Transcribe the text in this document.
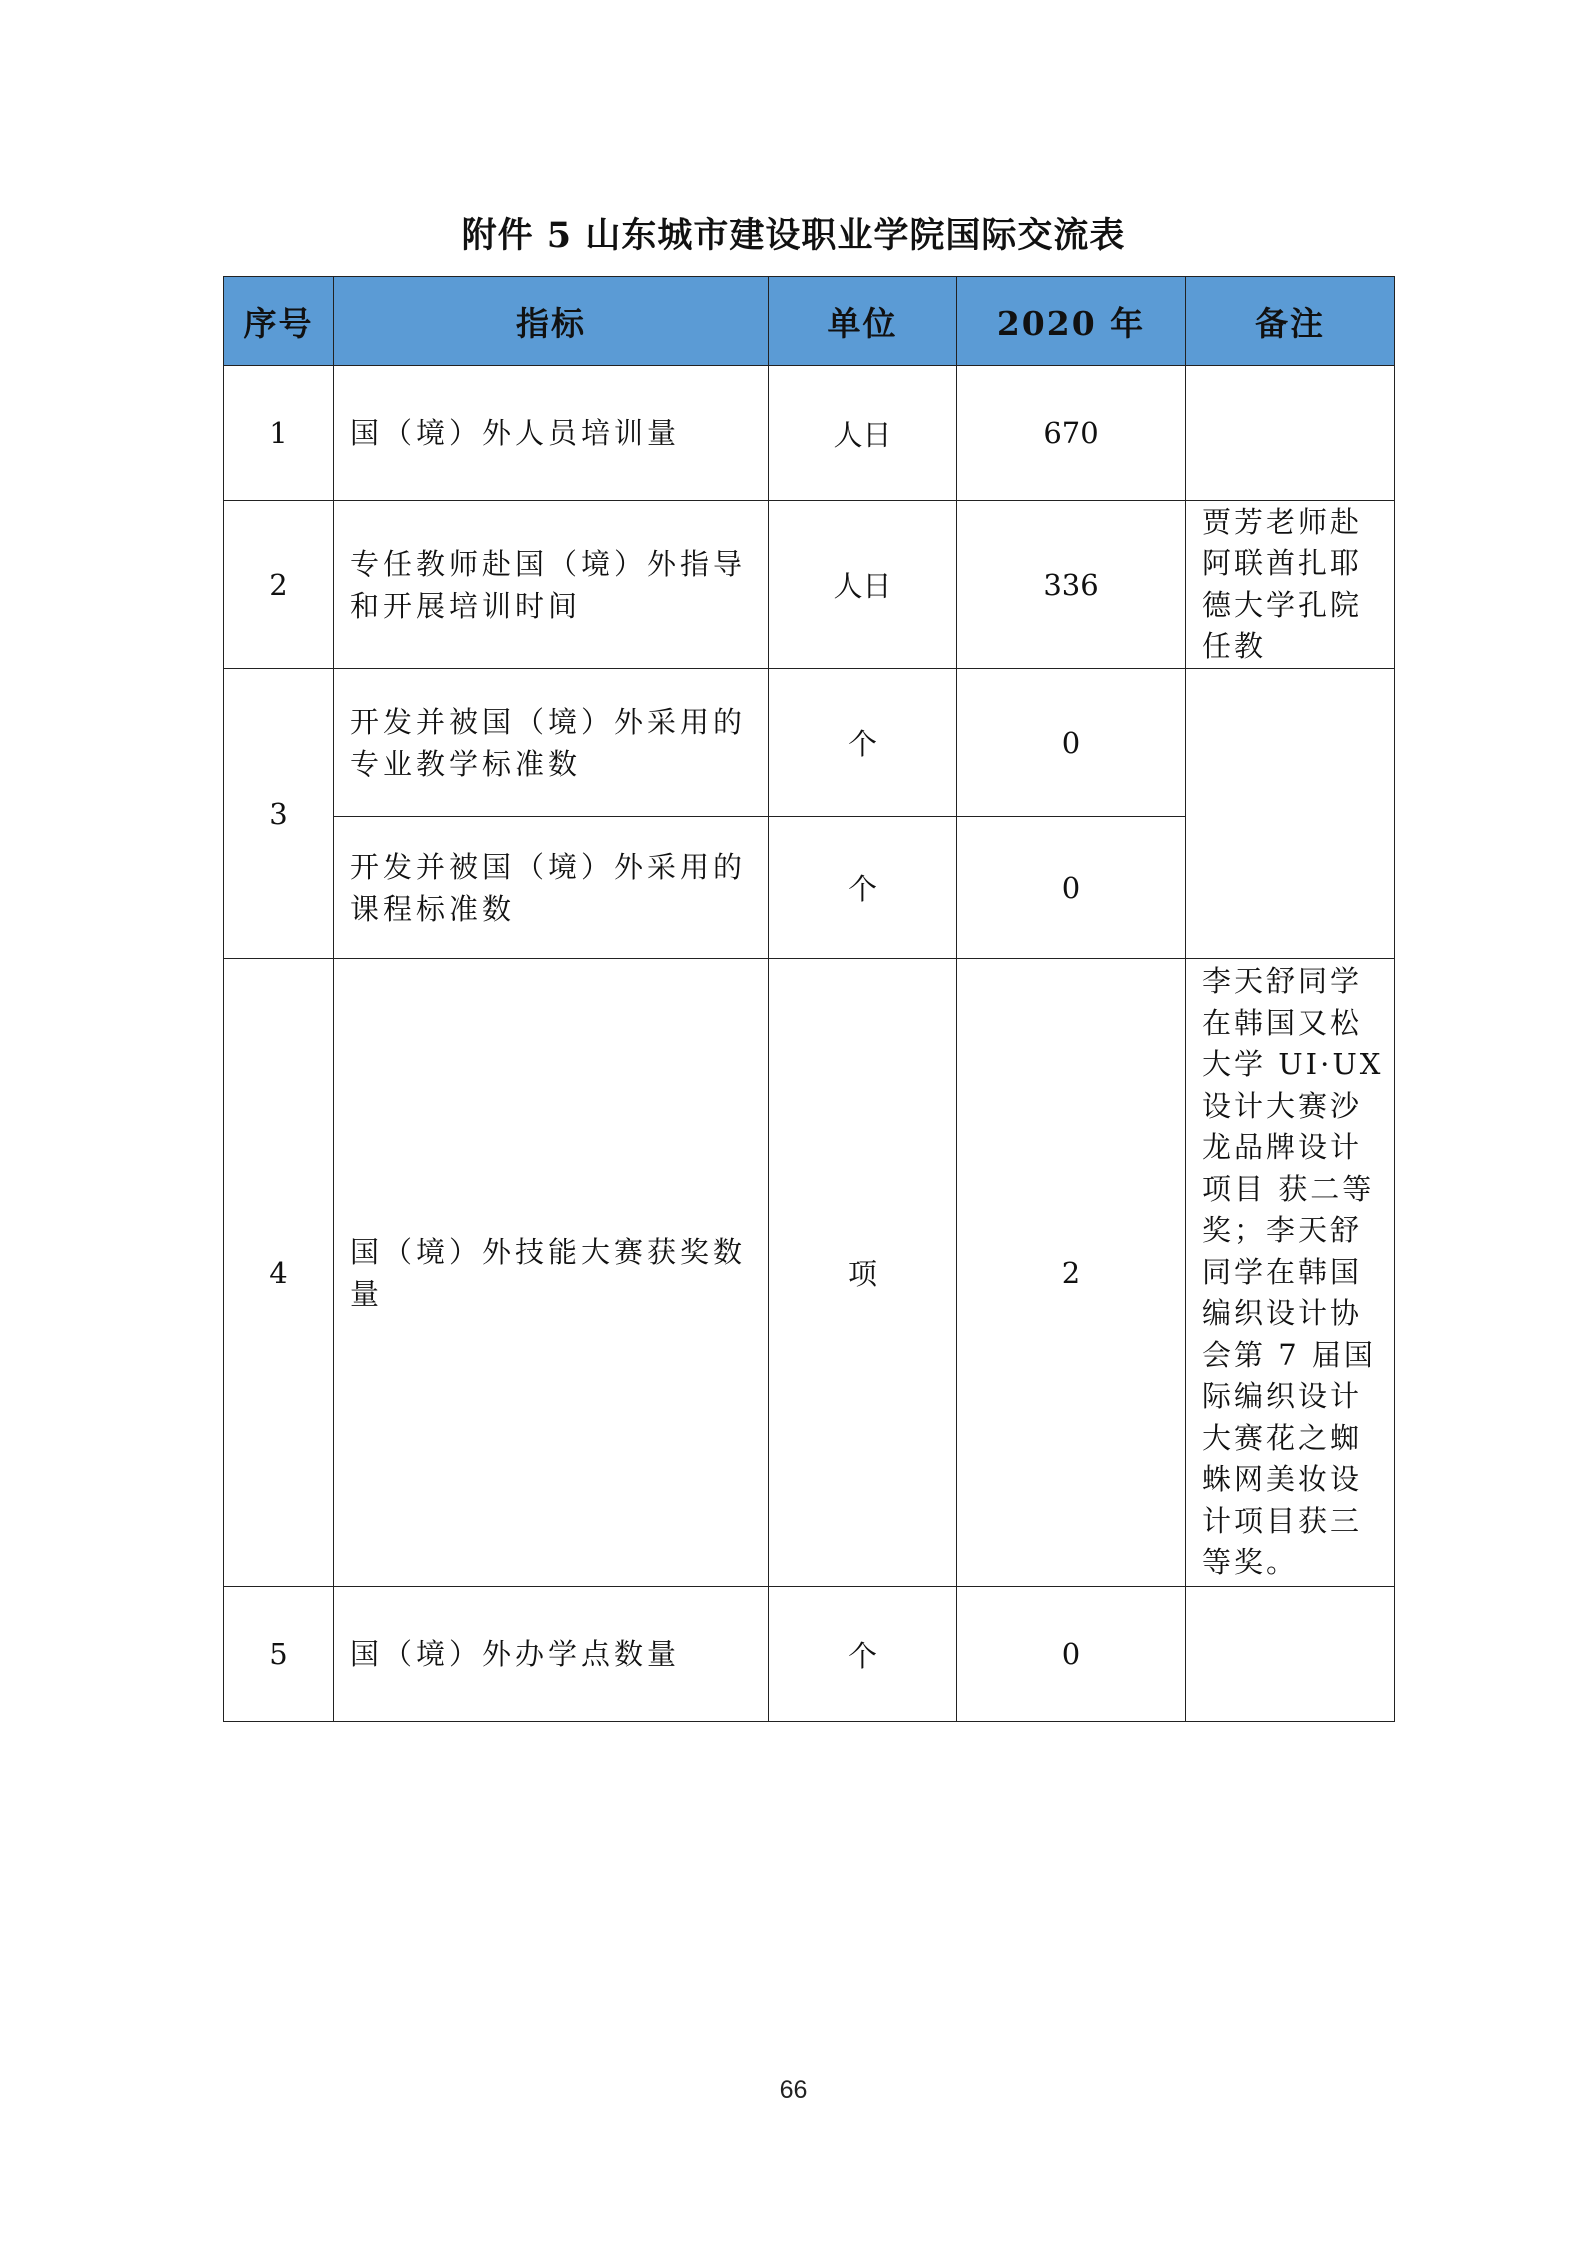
附件 5 山东城市建设职业学院国际交流表
序号	指标	单位	2020 年	备注
1	国（境）外人员培训量	人日	670	
2	专任教师赴国（境）外指导和开展培训时间	人日	336	贾芳老师赴阿联酋扎耶德大学孔院任教
3	开发并被国（境）外采用的专业教学标准数	个	0	
	开发并被国（境）外采用的课程标准数	个	0	
4	国（境）外技能大赛获奖数量	项	2	李天舒同学在韩国又松大学 UI·UX 设计大赛沙龙品牌设计项目 获二等奖；李天舒同学在韩国编织设计协会第 7 届国际编织设计大赛花之蜘蛛网美妆设计项目获三等奖。
5	国（境）外办学点数量	个	0	
66
